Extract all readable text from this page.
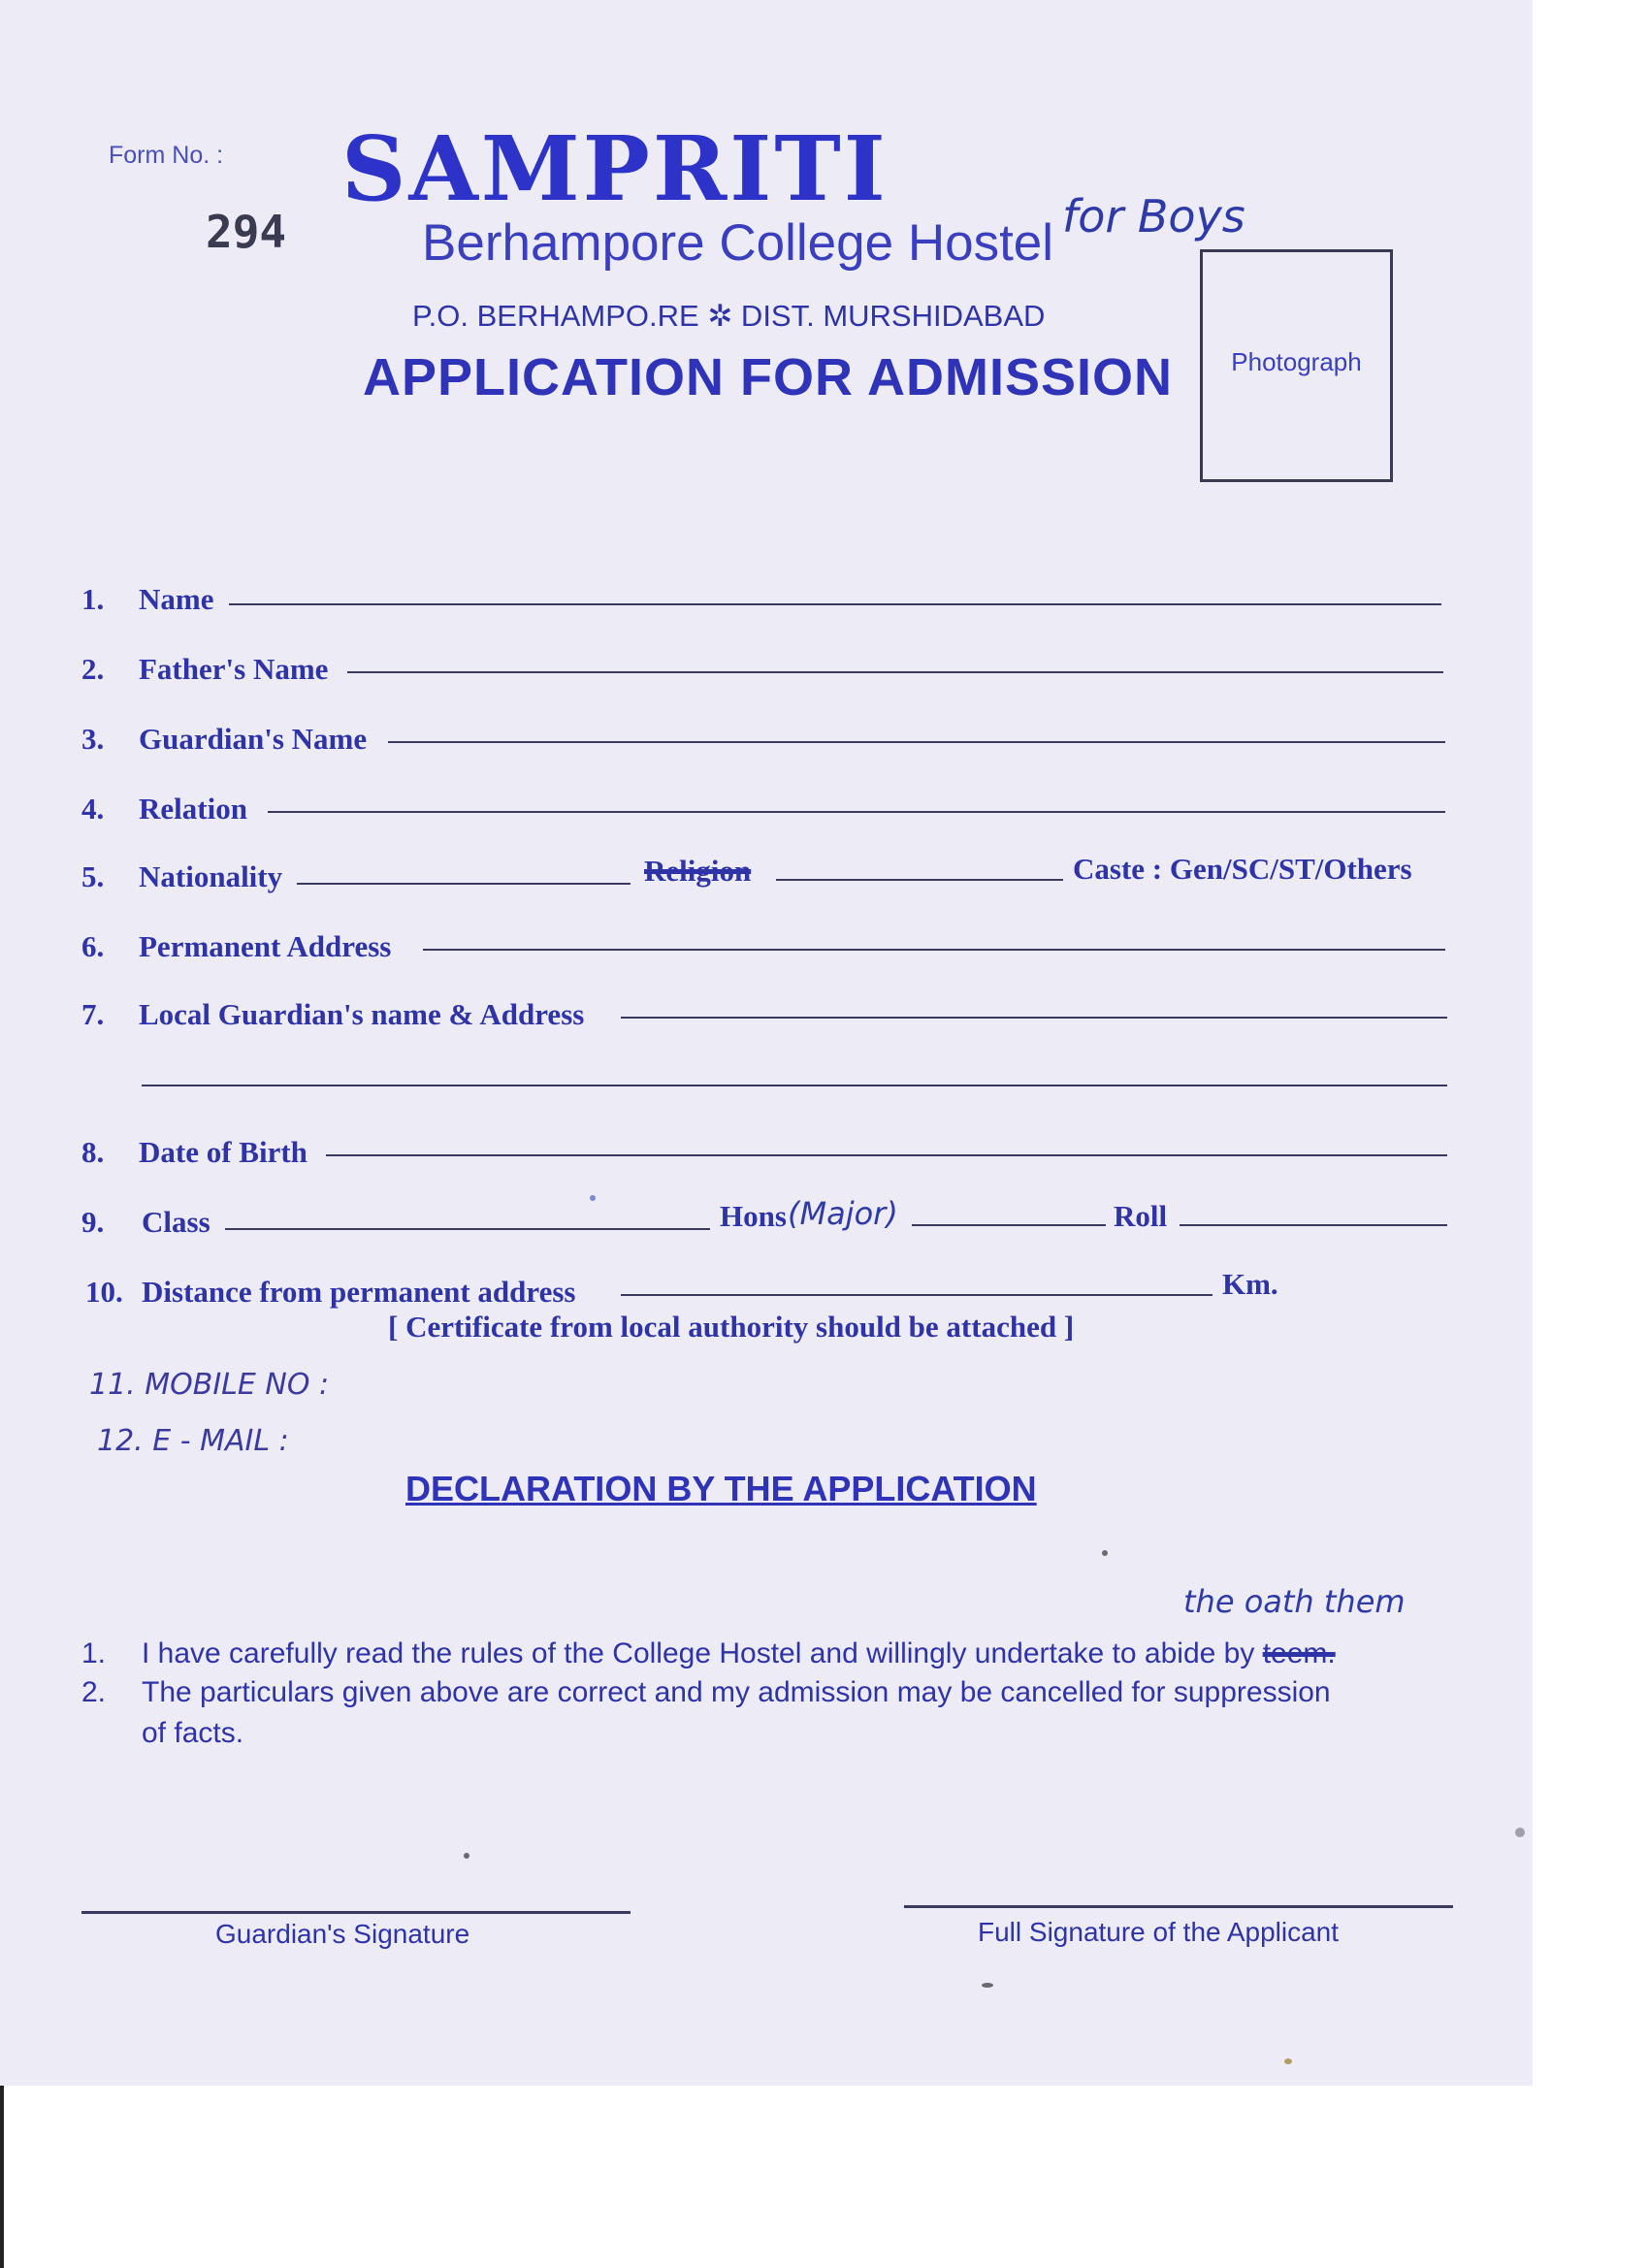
Form No. :
294
SAMPRITI
Berhampore College Hostel for Boys
P.O. BERHAMPO.RE ✲ DIST. MURSHIDABAD
APPLICATION FOR ADMISSION	Photograph
1. Name
2. Father's Name
3. Guardian's Name
4. Relation
5. Nationality	Religion	Caste : Gen/SC/ST/Others
6. Permanent Address
7. Local Guardian's name & Address
8. Date of Birth
9. Class	Hons (Major)	Roll
10. Distance from permanent address	Km.
[ Certificate from local authority should be attached ]
11. MOBILE NO :
12. E - MAIL :
DECLARATION BY THE APPLICATION
the oath them
1. I have carefully read the rules of the College Hostel and willingly undertake to abide by teem.
2. The particulars given above are correct and my admission may be cancelled for suppression
of facts.
Guardian's Signature	Full Signature of the Applicant
